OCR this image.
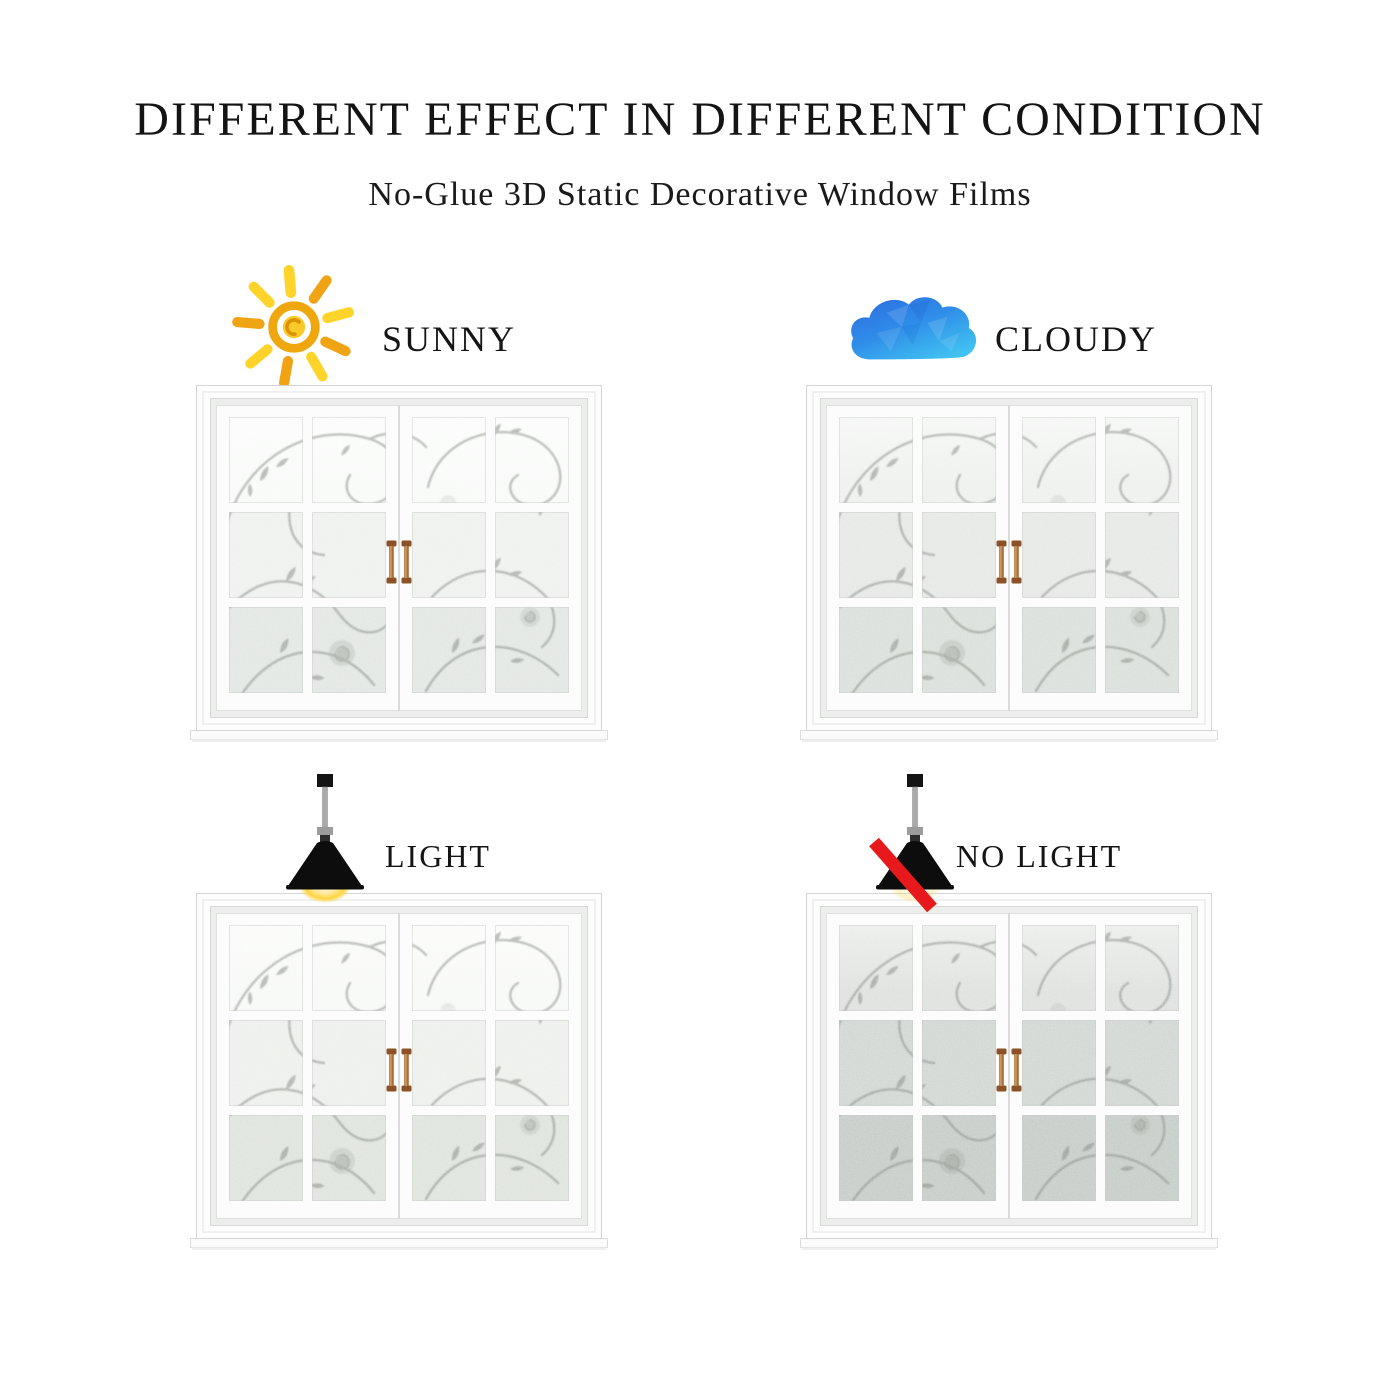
DIFFERENT EFFECT IN DIFFERENT CONDITION
No-Glue 3D Static Decorative Window Films
SUNNY	CLOUDY
LIGHT	NO LIGHT
